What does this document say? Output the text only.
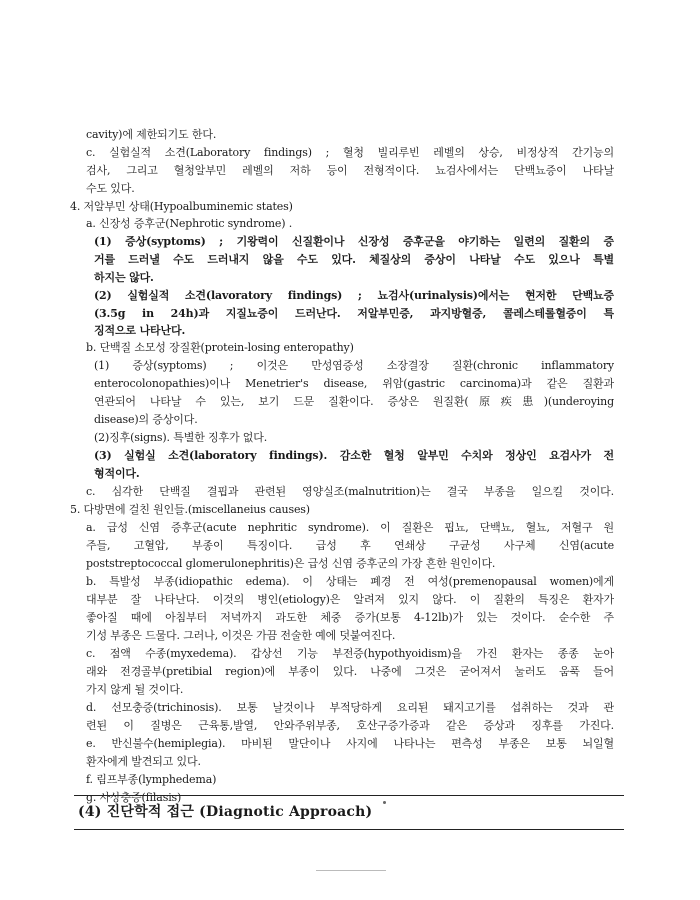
cavity)에 제한되기도 한다.
c. 실험실적 소견(Laboratory findings) ; 혈청 빌리루빈 레벨의 상승, 비정상적 간기능의
검사, 그리고 혈청알부민 레벨의 저하 등이 전형적이다. 뇨검사에서는 단백뇨증이 나타날
수도 있다.
4. 저알부민 상태(Hypoalbuminemic states)
a. 신장성 증후군(Nephrotic syndrome) .
(1) 증상(syptoms) ; 기왕력이 신질환이나 신장성 증후군을 야기하는 일련의 질환의 증
거를 드러낼 수도 드러내지 않을 수도 있다. 체질상의 증상이 나타날 수도 있으나 특별
하지는 않다.
(2) 실험실적 소견(lavoratory findings) ; 뇨검사(urinalysis)에서는 현저한 단백뇨증
(3.5g in 24h)과 지질뇨증이 드러난다. 저알부민증, 과지방혈증, 콜레스테롤혈증이 특
징적으로 나타난다.
b. 단백질 소모성 장질환(protein-losing enteropathy)
(1) 증상(syptoms) ; 이것은 만성염증성 소장결장 질환(chronic inflammatory
enterocolonopathies)이나 Menetrier's disease, 위암(gastric carcinoma)과 같은 질환과
연관되어 나타날 수 있는, 보기 드문 질환이다. 증상은 원질환(原疾患)(underoying
disease)의 증상이다.
(2)징후(signs). 특별한 징후가 없다.
(3) 실험실 소견(laboratory findings). 감소한 혈청 알부민 수치와 정상인 요검사가 전
형적이다.
c. 심각한 단백질 결핍과 관련된 영양실조(malnutrition)는 결국 부종을 일으킬 것이다.
5. 다방면에 걸친 원인들.(miscellaneius causes)
a. 급성 신염 증후군(acute nephritic syndrome). 이 질환은 핍뇨, 단백뇨, 혈뇨, 저혈구 원
주들, 고혈압, 부종이 특징이다. 급성 후 연쇄상 구균성 사구체 신염(acute
poststreptococcal glomerulonephritis)은 급성 신염 증후군의 가장 흔한 원인이다.
b. 특발성 부종(idiopathic edema). 이 상태는 폐경 전 여성(premenopausal women)에게
대부분 잘 나타난다. 이것의 병인(etiology)은 알려져 있지 않다. 이 질환의 특징은 환자가
좋아질 때에 아침부터 저녁까지 과도한 체중 증가(보통 4-12lb)가 있는 것이다. 순수한 주
기성 부종은 드물다. 그러나, 이것은 가끔 전술한 예에 덧붙여진다.
c. 점액 수종(myxedema). 갑상선 기능 부전증(hypothyoidism)을 가진 환자는 종종 눈아
래와 전경골부(pretibial region)에 부종이 있다. 나중에 그것은 굳어져서 눌러도 움푹 들어
가지 않게 될 것이다.
d. 선모충증(trichinosis). 보통 날것이나 부적당하게 요리된 돼지고기를 섭취하는 것과 관
련된 이 질병은 근육통,발열, 안와주위부종, 호산구증가증과 같은 증상과 징후를 가진다.
e. 반신불수(hemiplegia). 마비된 말단이나 사지에 나타나는 편측성 부종은 보통 뇌일혈
환자에게 발견되고 있다.
f. 림프부종(lymphedema)
g. 사상충증(filasis)
(4) 진단학적 접근 (Diagnotic Approach)
